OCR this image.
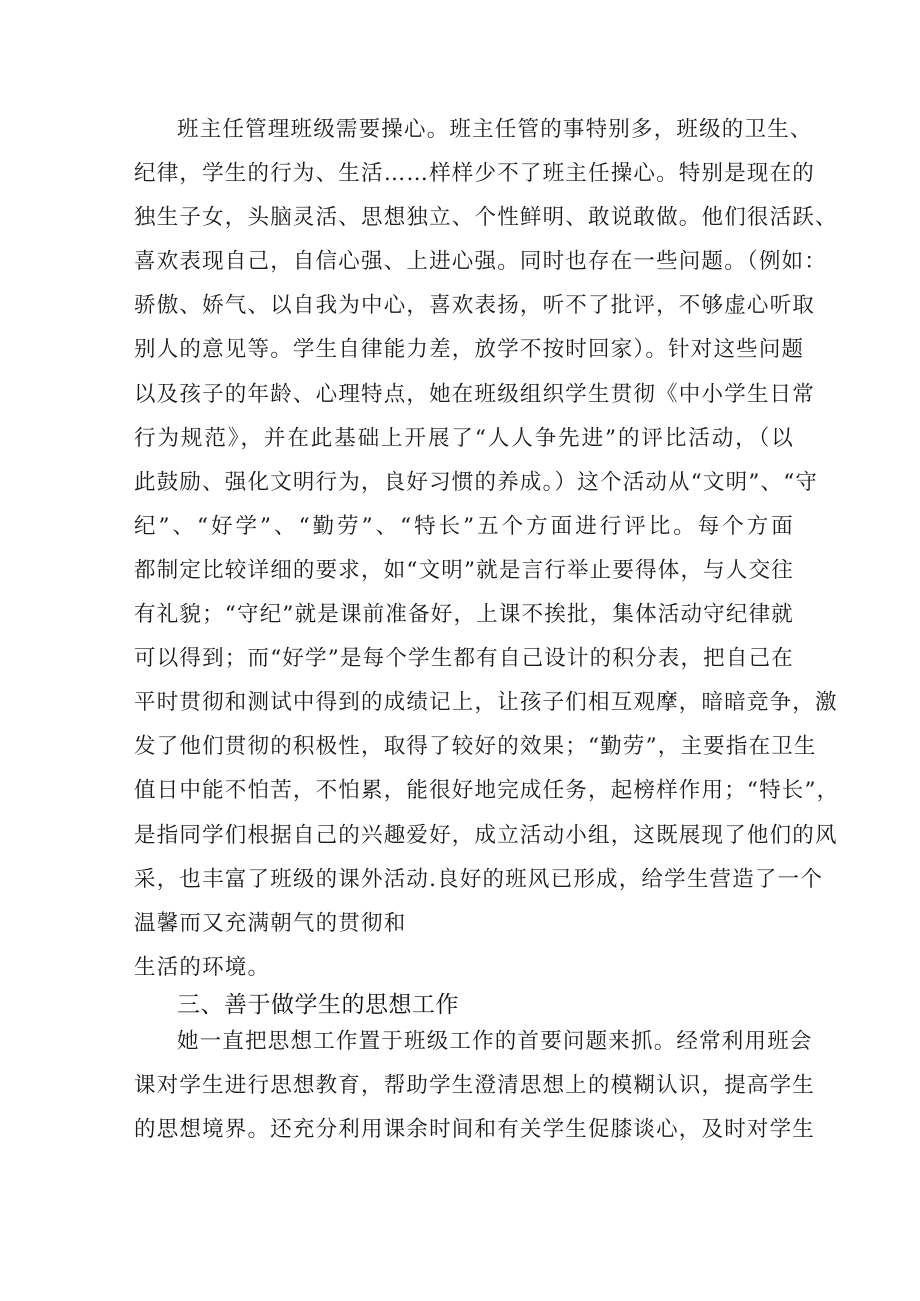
班主任管理班级需要操心。班主任管的事特别多，班级的卫生、
纪律，学生的行为、生活……样样少不了班主任操心。特别是现在的
独生子女，头脑灵活、思想独立、个性鲜明、敢说敢做。他们很活跃、
喜欢表现自己，自信心强、上进心强。同时也存在一些问题。（例如：
骄傲、娇气、以自我为中心，喜欢表扬，听不了批评，不够虚心听取
别人的意见等。学生自律能力差，放学不按时回家）。针对这些问题
以及孩子的年龄、心理特点，她在班级组织学生贯彻《中小学生日常
行为规范》，并在此基础上开展了“人人争先进”的评比活动，（以
此鼓励、强化文明行为，良好习惯的养成。）这个活动从“文明”、“守
纪”、“好学”、“勤劳”、“特长”五个方面进行评比。每个方面
都制定比较详细的要求，如“文明”就是言行举止要得体，与人交往
有礼貌；“守纪”就是课前准备好，上课不挨批，集体活动守纪律就
可以得到；而“好学”是每个学生都有自己设计的积分表，把自己在
平时贯彻和测试中得到的成绩记上，让孩子们相互观摩，暗暗竞争，激
发了他们贯彻的积极性，取得了较好的效果；“勤劳”，主要指在卫生
值日中能不怕苦，不怕累，能很好地完成任务，起榜样作用；“特长”，
是指同学们根据自己的兴趣爱好，成立活动小组，这既展现了他们的风
采，也丰富了班级的课外活动.良好的班风已形成，给学生营造了一个
温馨而又充满朝气的贯彻和
生活的环境。
三、善于做学生的思想工作
她一直把思想工作置于班级工作的首要问题来抓。经常利用班会
课对学生进行思想教育，帮助学生澄清思想上的模糊认识，提高学生
的思想境界。还充分利用课余时间和有关学生促膝谈心，及时对学生
